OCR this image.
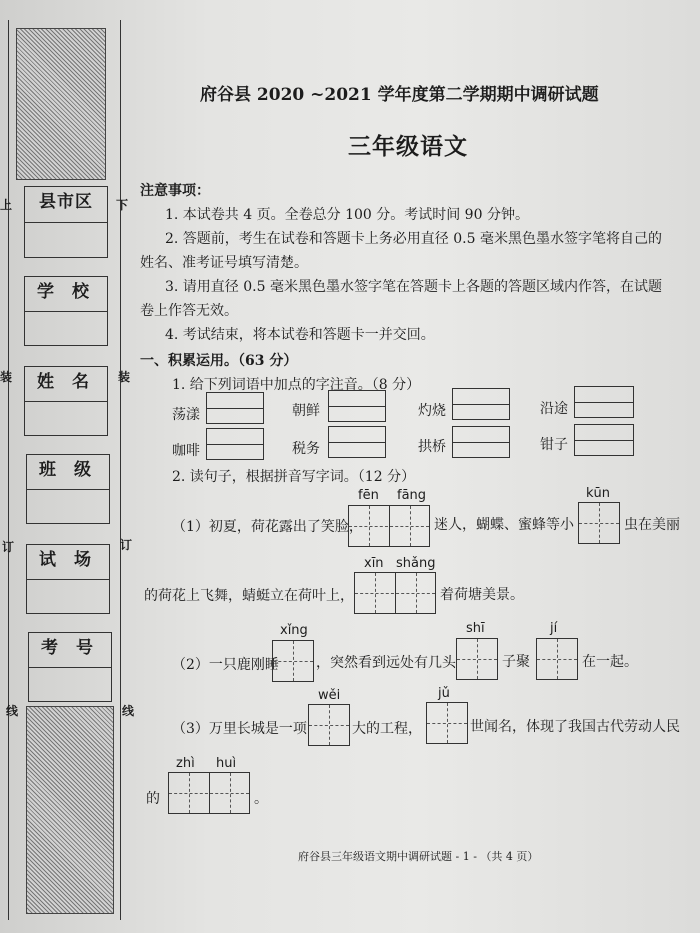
上
装
订
线
下
装
订
线
县市区
学 校
姓 名
班 级
试 场
考 号
府谷县 2020 ~2021 学年度第二学期期中调研试题
三年级语文
注意事项：
1. 本试卷共 4 页。全卷总分 100 分。考试时间 90 分钟。
2. 答题前，考生在试卷和答题卡上务必用直径 0.5 毫米黑色墨水签字笔将自己的
姓名、准考证号填写清楚。
3. 请用直径 0.5 毫米黑色墨水签字笔在答题卡上各题的答题区域内作答，在试题
卷上作答无效。
4. 考试结束，将本试卷和答题卡一并交回。
一、积累运用。（63 分）
1. 给下列词语中加点的字注音。（8 分）
荡漾	朝鲜	灼烧	沿途
咖啡	税务	拱桥	钳子
2. 读句子，根据拼音写字词。（12 分）
fēn fāng
（1）初夏，荷花露出了笑脸，	迷人，蝴蝶、蜜蜂等小
kūn
虫在美丽
的荷花上飞舞，蜻蜓立在荷叶上，
xīn shǎng
着荷塘美景。
（2）一只鹿刚睡
xǐng
，突然看到远处有几头
shī
子聚
jí
在一起。
（3）万里长城是一项
wěi
大的工程，
jǔ
世闻名，体现了我国古代劳动人民
的
zhì huì
。
府谷县三年级语文期中调研试题 - 1 - （共 4 页）
